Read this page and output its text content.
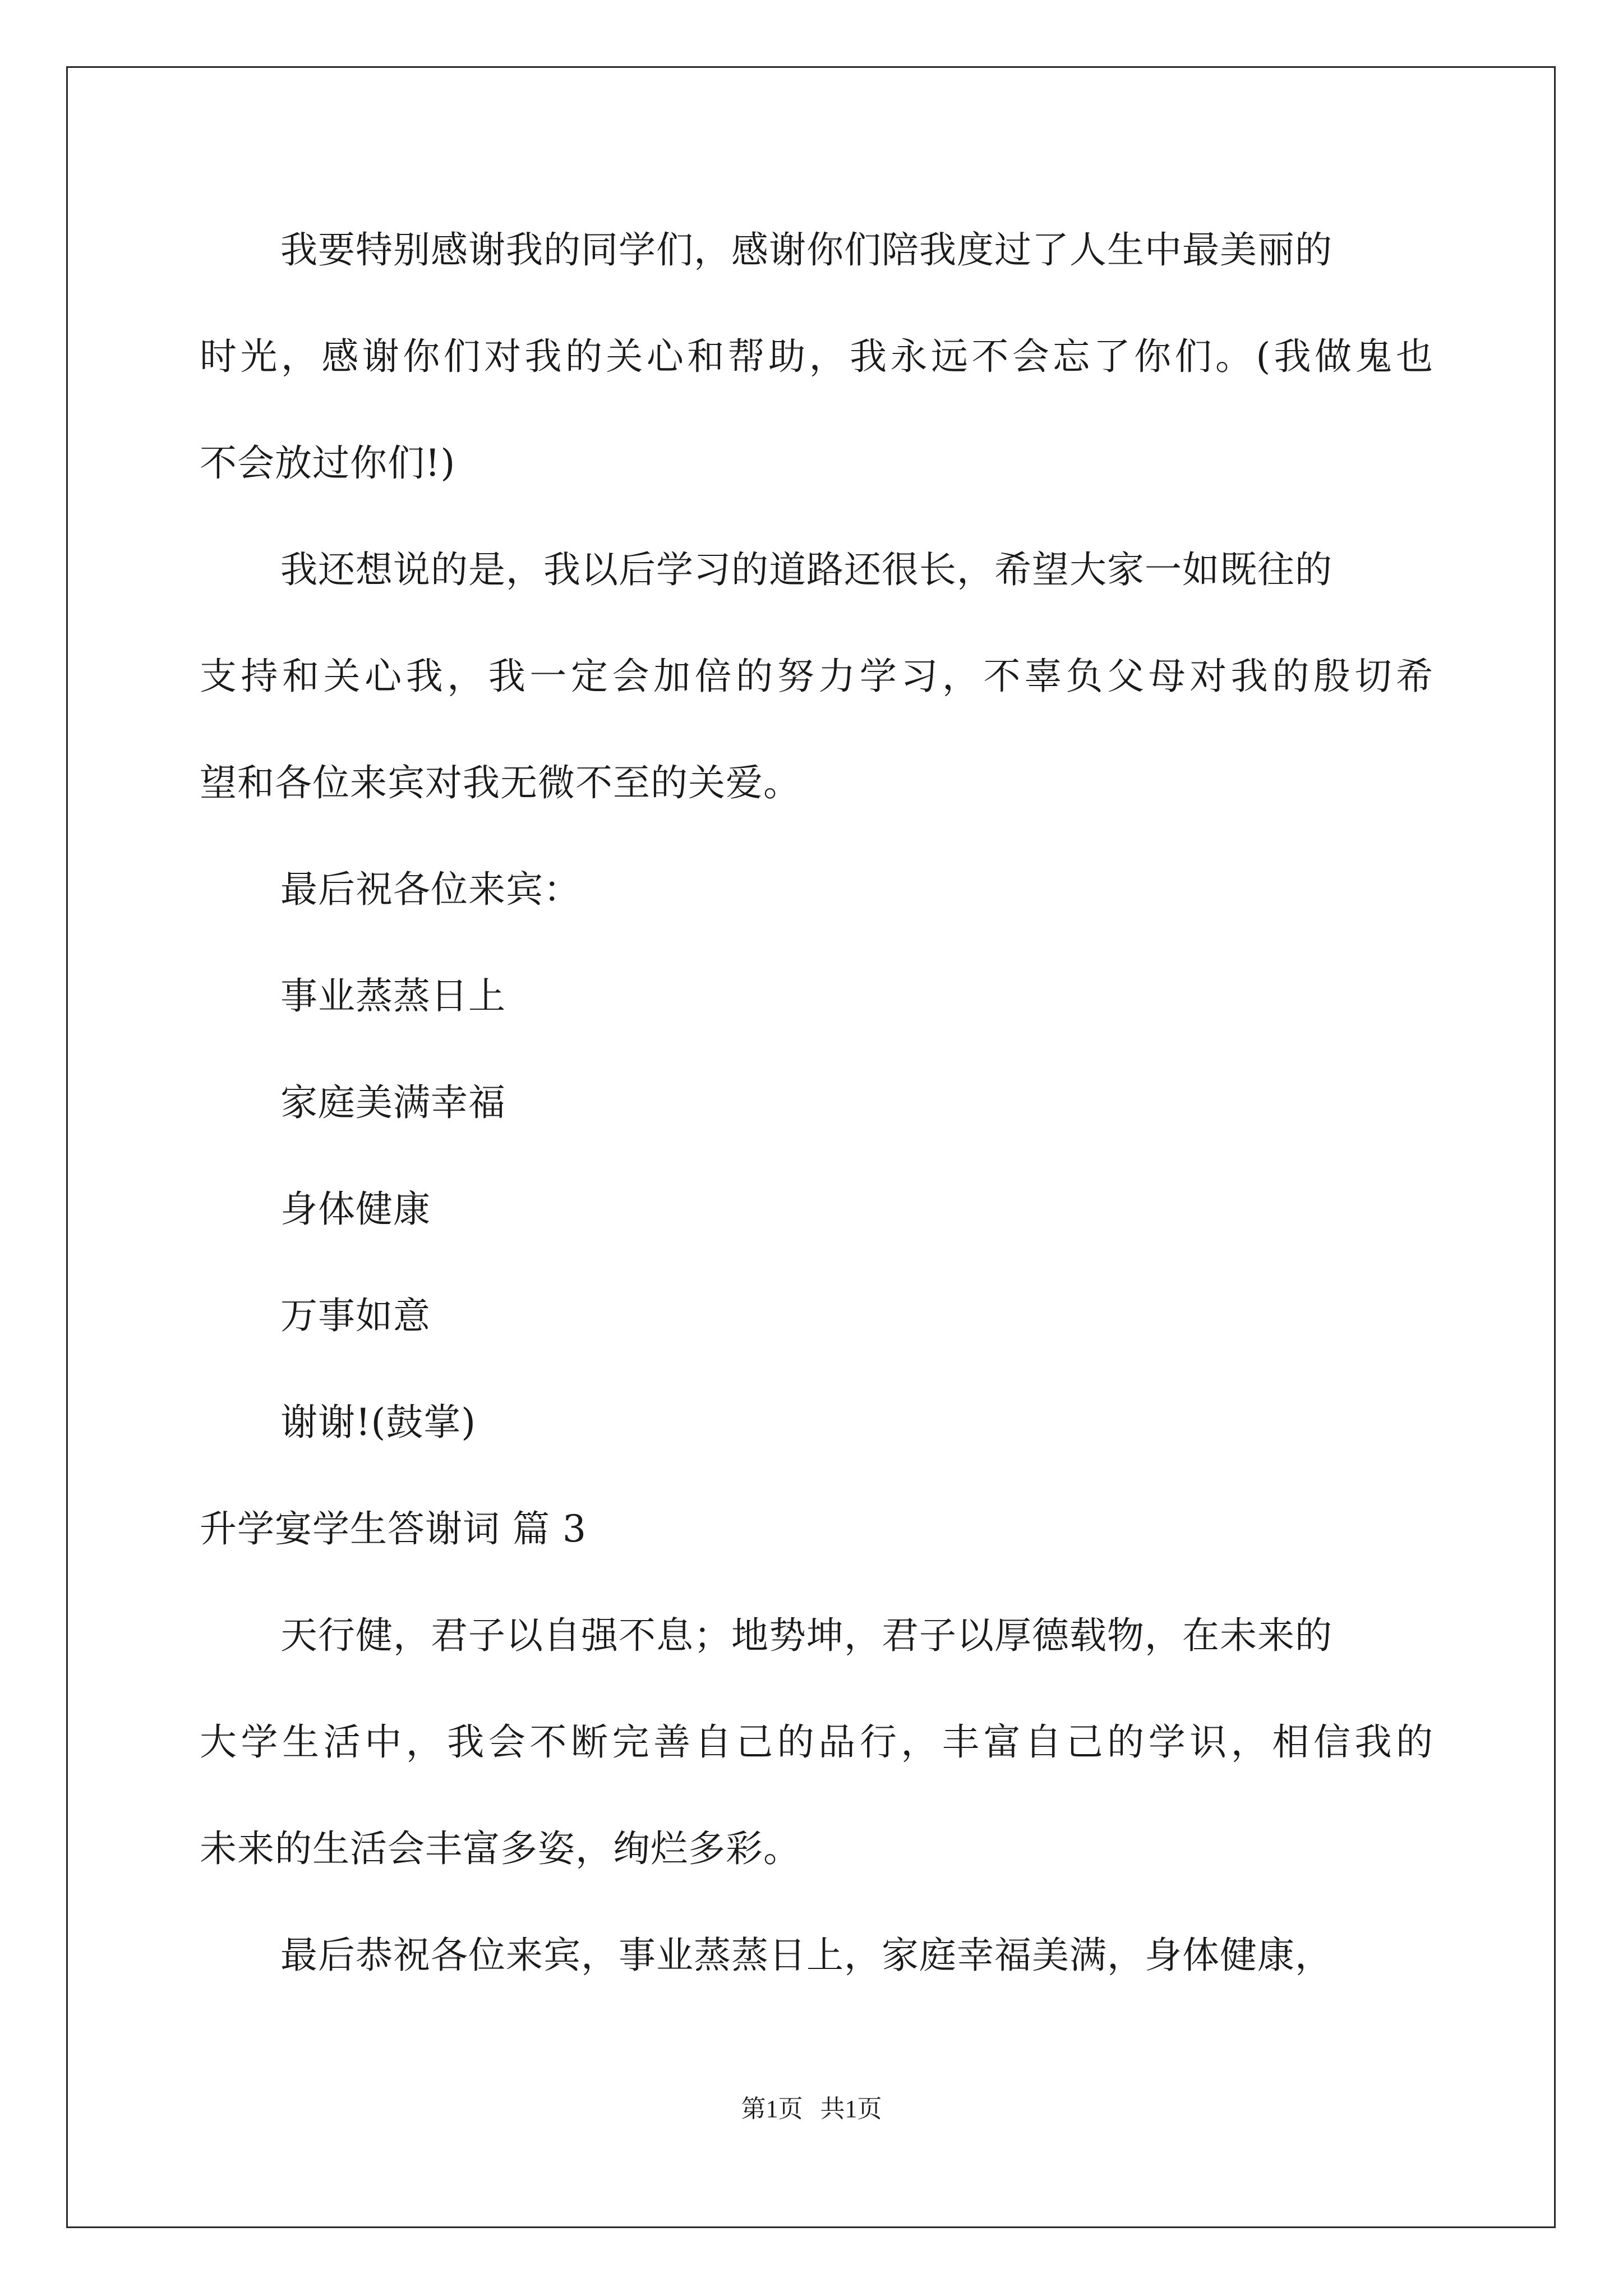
我要特别感谢我的同学们，感谢你们陪我度过了人生中最美丽的
时光，感谢你们对我的关心和帮助，我永远不会忘了你们。(我做鬼也
不会放过你们!)
我还想说的是，我以后学习的道路还很长，希望大家一如既往的
支持和关心我，我一定会加倍的努力学习，不辜负父母对我的殷切希
望和各位来宾对我无微不至的关爱。
最后祝各位来宾：
事业蒸蒸日上
家庭美满幸福
身体健康
万事如意
谢谢!(鼓掌)
升学宴学生答谢词 篇 3
天行健，君子以自强不息；地势坤，君子以厚德载物，在未来的
大学生活中，我会不断完善自己的品行，丰富自己的学识，相信我的
未来的生活会丰富多姿，绚烂多彩。
最后恭祝各位来宾，事业蒸蒸日上，家庭幸福美满，身体健康，
第1页 共1页
